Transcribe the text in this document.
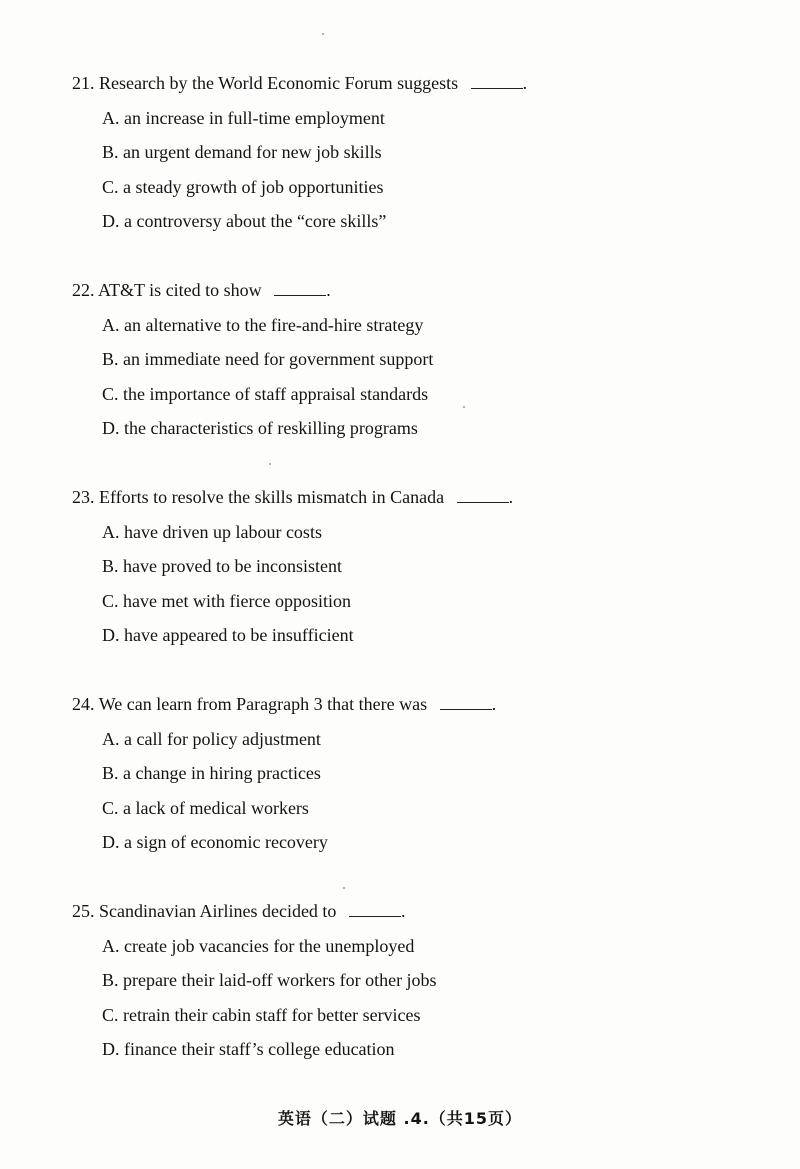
21. Research by the World Economic Forum suggests	.
A. an increase in full-time employment
B. an urgent demand for new job skills
C. a steady growth of job opportunities
D. a controversy about the “core skills”
22. AT&T is cited to show	.
A. an alternative to the fire-and-hire strategy
B. an immediate need for government support
C. the importance of staff appraisal standards
D. the characteristics of reskilling programs
23. Efforts to resolve the skills mismatch in Canada	.
A. have driven up labour costs
B. have proved to be inconsistent
C. have met with fierce opposition
D. have appeared to be insufficient
24. We can learn from Paragraph 3 that there was	.
A. a call for policy adjustment
B. a change in hiring practices
C. a lack of medical workers
D. a sign of economic recovery
25. Scandinavian Airlines decided to	.
A. create job vacancies for the unemployed
B. prepare their laid-off workers for other jobs
C. retrain their cabin staff for better services
D. finance their staff’s college education
英语（二）试题 .4.（共15页）
